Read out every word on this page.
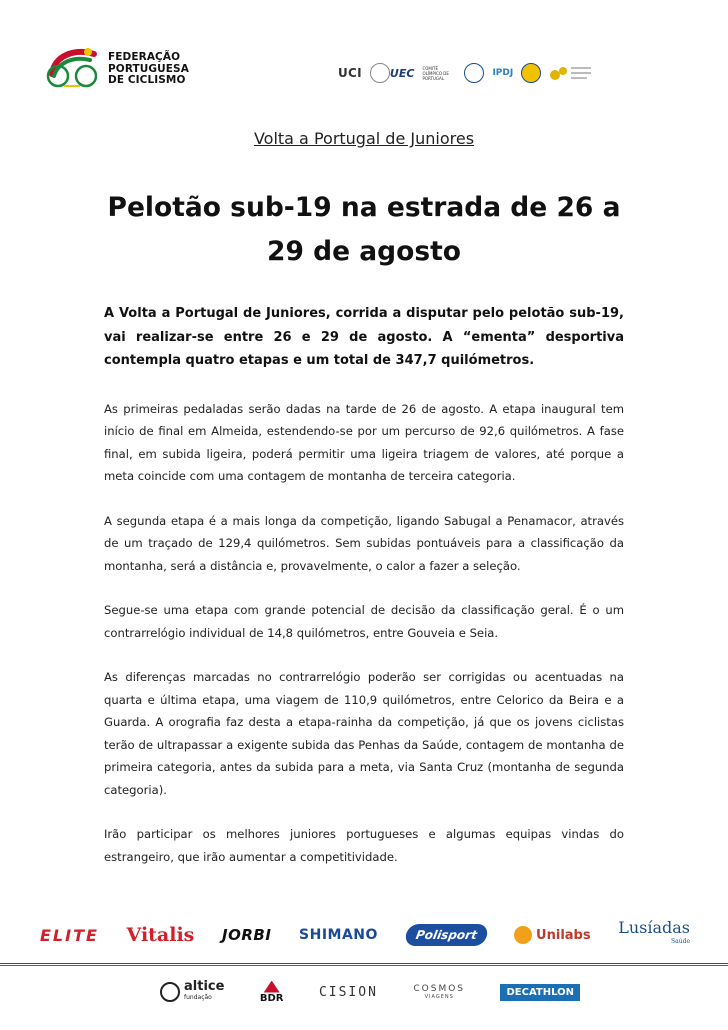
FEDERAÇÃO
PORTUGUESA
DE CICLISMO	UCI	UEC COMITÉ OLÍMPICO DE PORTUGAL	IPDJ
Volta a Portugal de Juniores
Pelotão sub-19 na estrada de 26 a 29 de agosto

A Volta a Portugal de Juniores, corrida a disputar pelo pelotão sub-19, vai realizar-se entre 26 e 29 de agosto. A “ementa” desportiva contempla quatro etapas e um total de 347,7 quilómetros.

As primeiras pedaladas serão dadas na tarde de 26 de agosto. A etapa inaugural tem início de final em Almeida, estendendo-se por um percurso de 92,6 quilómetros. A fase final, em subida ligeira, poderá permitir uma ligeira triagem de valores, até porque a meta coincide com uma contagem de montanha de terceira categoria.

A segunda etapa é a mais longa da competição, ligando Sabugal a Penamacor, através de um traçado de 129,4 quilómetros. Sem subidas pontuáveis para a classificação da montanha, será a distância e, provavelmente, o calor a fazer a seleção.

Segue-se uma etapa com grande potencial de decisão da classificação geral. É o um contrarrelógio individual de 14,8 quilómetros, entre Gouveia e Seia.

As diferenças marcadas no contrarrelógio poderão ser corrigidas ou acentuadas na quarta e última etapa, uma viagem de 110,9 quilómetros, entre Celorico da Beira e a Guarda. A orografia faz desta a etapa-rainha da competição, já que os jovens ciclistas terão de ultrapassar a exigente subida das Penhas da Saúde, contagem de montanha de primeira categoria, antes da subida para a meta, via Santa Cruz (montanha de segunda categoria).

Irão participar os melhores juniores portugueses e algumas equipas vindas do estrangeiro, que irão aumentar a competitividade.

ELITE Vitalis JORBI SHIMANO	Polisport	Unilabs Lusíadas
Saúde
altice
fundação	BDR	CISION	COSMOS
VIAGENS	DECATHLON
